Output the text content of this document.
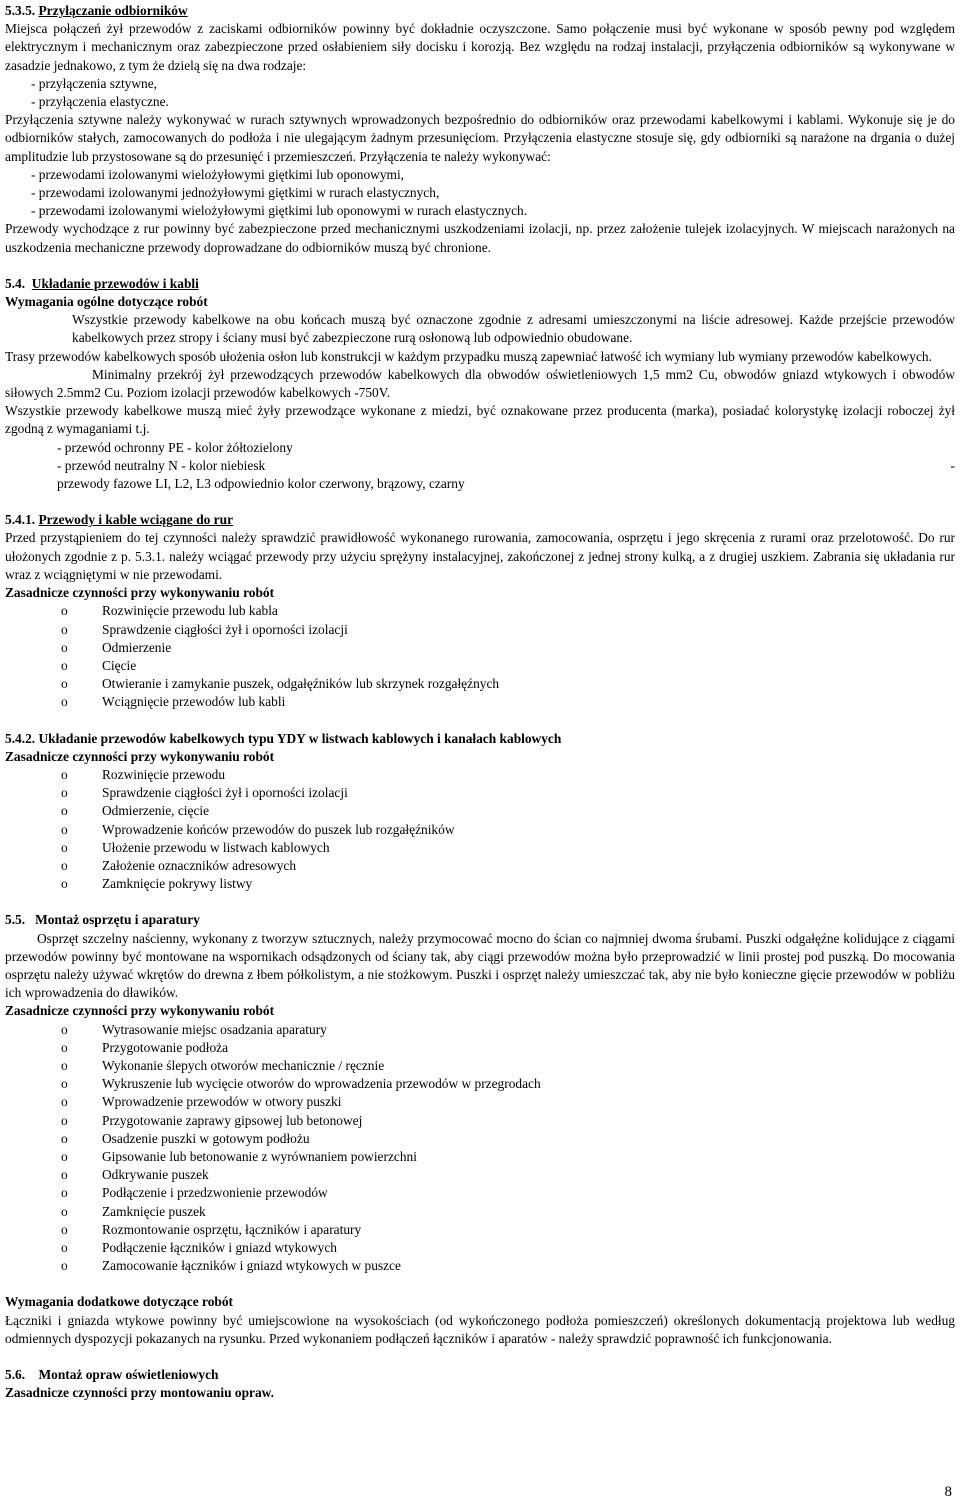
5.3.5. Przyłączanie odbiorników

Miejsca połączeń żył przewodów z zaciskami odbiorników powinny być dokładnie oczyszczone. Samo połączenie musi być wykonane w sposób pewny pod względem elektrycznym i mechanicznym oraz zabezpieczone przed osłabieniem siły docisku i korozją. Bez względu na rodzaj instalacji, przyłączenia odbiorników są wykonywane w zasadzie jednakowo, z tym że dzielą się na dwa rodzaje:

- przyłączenia sztywne,

- przyłączenia elastyczne.

Przyłączenia sztywne należy wykonywać w rurach sztywnych wprowadzonych bezpośrednio do odbiorników oraz przewodami kabelkowymi i kablami. Wykonuje się je do odbiorników stałych, zamocowanych do podłoża i nie ulegającym żadnym przesunięciom. Przyłączenia elastyczne stosuje się, gdy odbiorniki są narażone na drgania o dużej amplitudzie lub przystosowane są do przesunięć i przemieszczeń. Przyłączenia te należy wykonywać:

- przewodami izolowanymi wielożyłowymi giętkimi lub oponowymi,

- przewodami izolowanymi jednożyłowymi giętkimi w rurach elastycznych,

- przewodami izolowanymi wielożyłowymi giętkimi lub oponowymi w rurach elastycznych.

Przewody wychodzące z rur powinny być zabezpieczone przed mechanicznymi uszkodzeniami izolacji, np. przez założenie tulejek izolacyjnych. W miejscach narażonych na uszkodzenia mechaniczne przewody doprowadzane do odbiorników muszą być chronione.

5.4. Układanie przewodów i kabli

Wymagania ogólne dotyczące robót

Wszystkie przewody kabelkowe na obu końcach muszą być oznaczone zgodnie z adresami umieszczonymi na liście adresowej. Każde przejście przewodów kabelkowych przez stropy i ściany musi być zabezpieczone rurą osłonową lub odpowiednio obudowane.

Trasy przewodów kabelkowych sposób ułożenia osłon lub konstrukcji w każdym przypadku muszą zapewniać łatwość ich wymiany lub wymiany przewodów kabelkowych.

Minimalny przekrój żył przewodzących przewodów kabelkowych dla obwodów oświetleniowych 1,5 mm2 Cu, obwodów gniazd wtykowych i obwodów siłowych 2.5mm2 Cu. Poziom izolacji przewodów kabelkowych -750V.

Wszystkie przewody kabelkowe muszą mieć żyły przewodzące wykonane z miedzi, być oznakowane przez producenta (marka), posiadać kolorystykę izolacji roboczej żył zgodną z wymaganiami t.j.

- przewód ochronny PE - kolor żółtozielony

- przewód neutralny N - kolor niebiesk	-

przewody fazowe LI, L2, L3 odpowiednio kolor czerwony, brązowy, czarny

5.4.1. Przewody i kable wciągane do rur

Przed przystąpieniem do tej czynności należy sprawdzić prawidłowość wykonanego rurowania, zamocowania, osprzętu i jego skręcenia z rurami oraz przelotowość. Do rur ułożonych zgodnie z p. 5.3.1. należy wciągać przewody przy użyciu sprężyny instalacyjnej, zakończonej z jednej strony kulką, a z drugiej uszkiem. Zabrania się układania rur wraz z wciągniętymi w nie przewodami.

Zasadnicze czynności przy wykonywaniu robót

o	Rozwinięcie przewodu lub kabla
o	Sprawdzenie ciągłości żył i oporności izolacji
o	Odmierzenie
o	Cięcie
o	Otwieranie i zamykanie puszek, odgałęźników lub skrzynek rozgałęźnych
o	Wciągnięcie przewodów lub kabli

5.4.2. Układanie przewodów kabelkowych typu YDY w listwach kablowych i kanałach kablowych

Zasadnicze czynności przy wykonywaniu robót

o	Rozwinięcie przewodu
o	Sprawdzenie ciągłości żył i oporności izolacji
o	Odmierzenie, cięcie
o	Wprowadzenie końców przewodów do puszek lub rozgałęźników
o	Ułożenie przewodu w listwach kablowych
o	Założenie oznaczników adresowych
o	Zamknięcie pokrywy listwy

5.5. Montaż osprzętu i aparatury

Osprzęt szczelny naścienny, wykonany z tworzyw sztucznych, należy przymocować mocno do ścian co najmniej dwoma śrubami. Puszki odgałęźne kolidujące z ciągami przewodów powinny być montowane na wspornikach odsądzonych od ściany tak, aby ciągi przewodów można było przeprowadzić w linii prostej pod puszką. Do mocowania osprzętu należy używać wkrętów do drewna z łbem półkolistym, a nie stożkowym. Puszki i osprzęt należy umieszczać tak, aby nie było konieczne gięcie przewodów w pobliżu ich wprowadzenia do dławików.

Zasadnicze czynności przy wykonywaniu robót

o	Wytrasowanie miejsc osadzania aparatury
o	Przygotowanie podłoża
o	Wykonanie ślepych otworów mechanicznie / ręcznie
o	Wykruszenie lub wycięcie otworów do wprowadzenia przewodów w przegrodach
o	Wprowadzenie przewodów w otwory puszki
o	Przygotowanie zaprawy gipsowej lub betonowej
o	Osadzenie puszki w gotowym podłożu
o	Gipsowanie lub betonowanie z wyrównaniem powierzchni
o	Odkrywanie puszek
o	Podłączenie i przedzwonienie przewodów
o	Zamknięcie puszek
o	Rozmontowanie osprzętu, łączników i aparatury
o	Podłączenie łączników i gniazd wtykowych
o	Zamocowanie łączników i gniazd wtykowych w puszce

Wymagania dodatkowe dotyczące robót

Łączniki i gniazda wtykowe powinny być umiejscowione na wysokościach (od wykończonego podłoża pomieszczeń) określonych dokumentacją projektowa lub według odmiennych dyspozycji pokazanych na rysunku. Przed wykonaniem podłączeń łączników i aparatów - należy sprawdzić poprawność ich funkcjonowania.

5.6. Montaż opraw oświetleniowych

Zasadnicze czynności przy montowaniu opraw.

8
